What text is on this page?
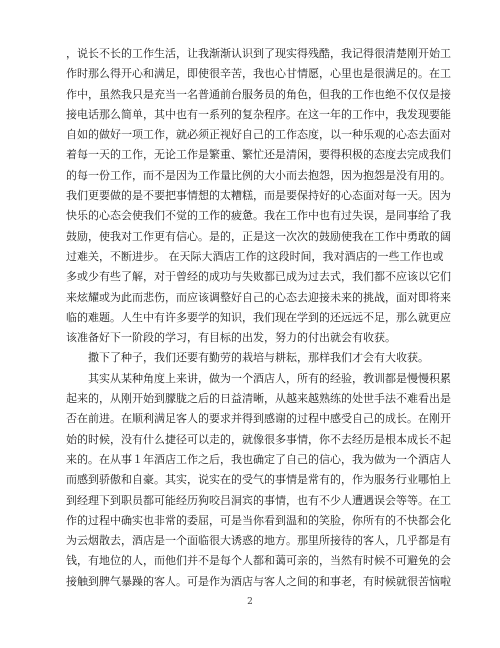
，说长不长的工作生活，让我渐渐认识到了现实得残酷，我记得很清楚刚开始工
作时那么得开心和满足，即使很辛苦，我也心甘情愿，心里也是很满足的。在工
作中，虽然我只是充当一名普通前台服务员的角色，但我的工作也绝不仅仅是接
接电话那么简单，其中也有一系列的复杂程序。在这一年的工作中，我发现要能
自如的做好一项工作，就必须正视好自己的工作态度，以一种乐观的心态去面对
着每一天的工作，无论工作是繁重、繁忙还是清闲，要得积极的态度去完成我们
的每一份工作，而不是因为工作量比例的大小而去抱怨，因为抱怨是没有用的。
我们更要做的是不要把事情想的太糟糕，而是要保持好的心态面对每一天。因为
快乐的心态会使我们不觉的工作的疲惫。我在工作中也有过失误，是同事给了我
鼓励，使我对工作更有信心。是的，正是这一次次的鼓励使我在工作中勇敢的阔
过难关，不断进步。 在天际大酒店工作的这段时间，我对酒店的一些工作也或
多或少有些了解，对于曾经的成功与失败都已成为过去式，我们都不应该以它们
来炫耀或为此而悲伤，而应该调整好自己的心态去迎接未来的挑战，面对即将来
临的难题。人生中有许多要学的知识，我们现在学到的还远远不足，那么就更应
该准备好下一阶段的学习，有目标的出发，努力的付出就会有收获。
　　撒下了种子，我们还要有勤劳的栽培与耕耘，那样我们才会有大收获。
　　其实从某种角度上来讲，做为一个酒店人，所有的经验，教训都是慢慢积累
起来的，从刚开始到朦胧之后的日益清晰，从越来越熟练的处世手法不难看出是
否在前进。在顺利满足客人的要求并得到感谢的过程中感受自己的成长。在刚开
始的时候，没有什么捷径可以走的，就像很多事情，你不去经历是根本成长不起
来的。在从事１年酒店工作之后，我也确定了自己的信心，我为做为一个酒店人
而感到骄傲和自豪。其实，说实在的受气的事情是常有的，作为服务行业哪怕上
到经理下到职员都可能经历狗咬吕洞宾的事情，也有不少人遭遇误会等等。在工
作的过程中确实也非常的委屈，可是当你看到温和的笑脸，你所有的不快都会化
为云烟散去，酒店是一个面临很大诱惑的地方。那里所接待的客人，几乎都是有
钱，有地位的人，而他们并不是每个人都和蔼可亲的，当然有时候不可避免的会
接触到脾气暴躁的客人。可是作为酒店与客人之间的和事老，有时候就很苦恼啦
2
